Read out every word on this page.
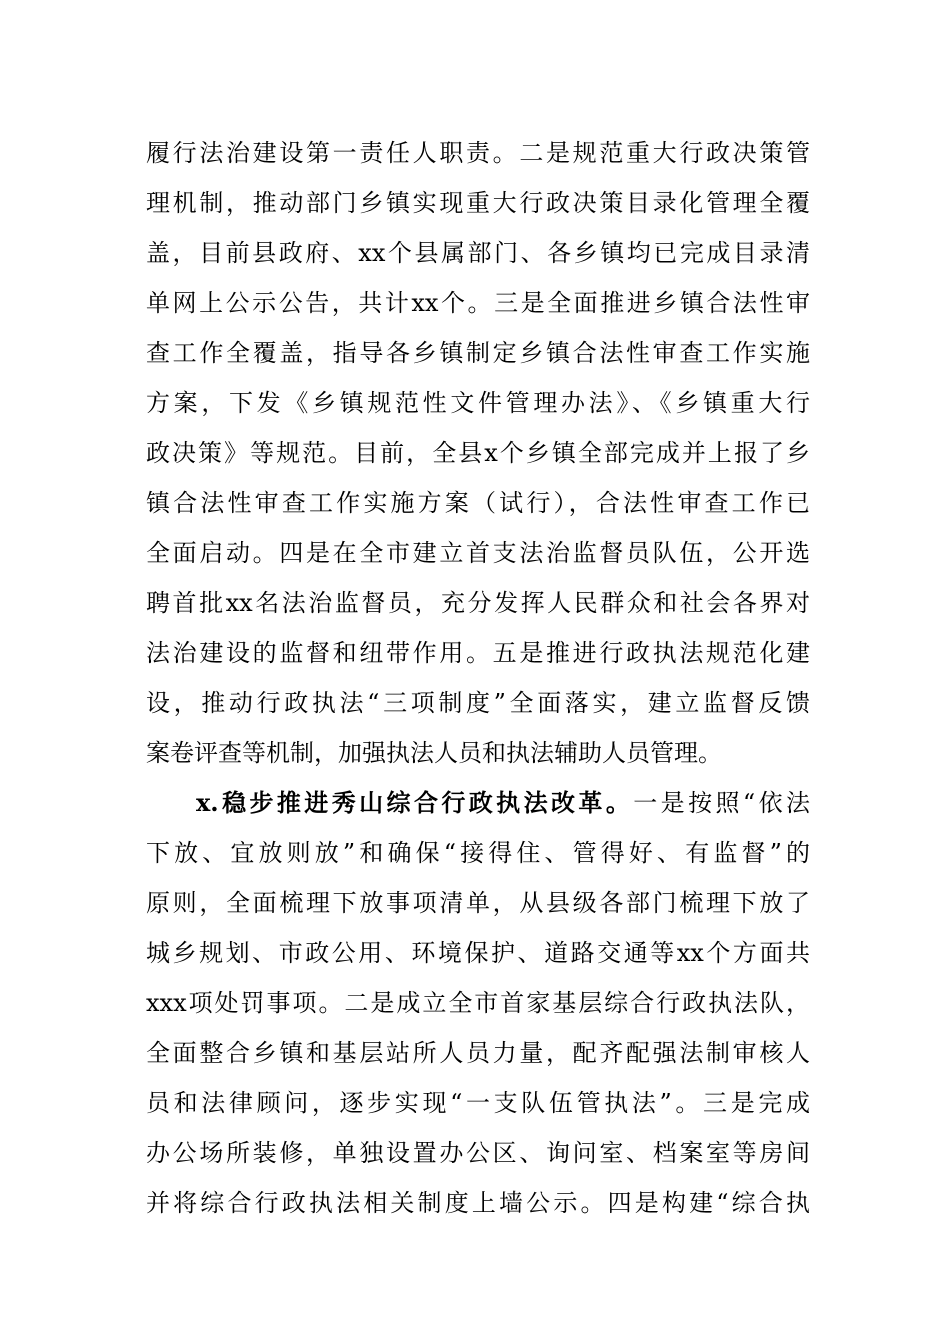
履行法治建设第一责任人职责。二是规范重大行政决策管
理机制，推动部门乡镇实现重大行政决策目录化管理全覆
盖，目前县政府、xx个县属部门、各乡镇均已完成目录清
单网上公示公告，共计xx个。三是全面推进乡镇合法性审
查工作全覆盖，指导各乡镇制定乡镇合法性审查工作实施
方案，下发《乡镇规范性文件管理办法》、《乡镇重大行
政决策》等规范。目前，全县x个乡镇全部完成并上报了乡
镇合法性审查工作实施方案（试行），合法性审查工作已
全面启动。四是在全市建立首支法治监督员队伍，公开选
聘首批xx名法治监督员，充分发挥人民群众和社会各界对
法治建设的监督和纽带作用。五是推进行政执法规范化建
设，推动行政执法“三项制度”全面落实，建立监督反馈
案卷评查等机制，加强执法人员和执法辅助人员管理。
x.稳步推进秀山综合行政执法改革。一是按照“依法
下放、宜放则放”和确保“接得住、管得好、有监督”的
原则，全面梳理下放事项清单，从县级各部门梳理下放了
城乡规划、市政公用、环境保护、道路交通等xx个方面共
xxx项处罚事项。二是成立全市首家基层综合行政执法队，
全面整合乡镇和基层站所人员力量，配齐配强法制审核人
员和法律顾问，逐步实现“一支队伍管执法”。三是完成
办公场所装修，单独设置办公区、询问室、档案室等房间
并将综合行政执法相关制度上墙公示。四是构建“综合执
